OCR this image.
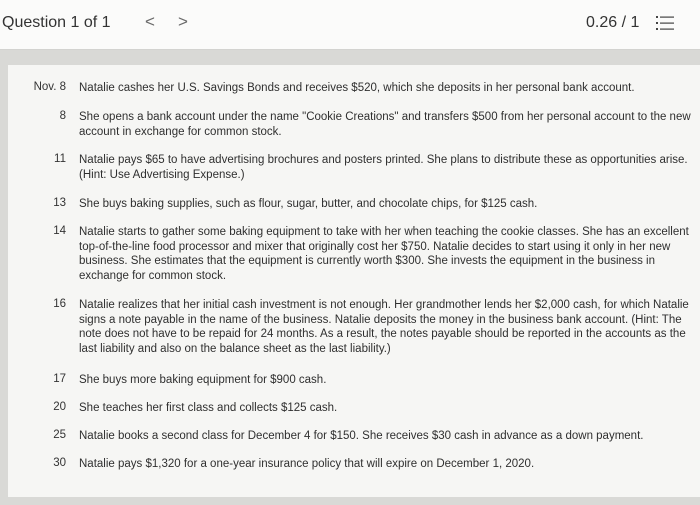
Question 1 of 1 < >	0.26 / 1
Nov. 8 Natalie cashes her U.S. Savings Bonds and receives $520, which she deposits in her personal bank account.
8 She opens a bank account under the name "Cookie Creations" and transfers $500 from her personal account to the new account in exchange for common stock.
11 Natalie pays $65 to have advertising brochures and posters printed. She plans to distribute these as opportunities arise. (Hint: Use Advertising Expense.)
13 She buys baking supplies, such as flour, sugar, butter, and chocolate chips, for $125 cash.
14 Natalie starts to gather some baking equipment to take with her when teaching the cookie classes. She has an excellent top-of-the-line food processor and mixer that originally cost her $750. Natalie decides to start using it only in her new business. She estimates that the equipment is currently worth $300. She invests the equipment in the business in exchange for common stock.
16 Natalie realizes that her initial cash investment is not enough. Her grandmother lends her $2,000 cash, for which Natalie signs a note payable in the name of the business. Natalie deposits the money in the business bank account. (Hint: The note does not have to be repaid for 24 months. As a result, the notes payable should be reported in the accounts as the last liability and also on the balance sheet as the last liability.)
17 She buys more baking equipment for $900 cash.
20 She teaches her first class and collects $125 cash.
25 Natalie books a second class for December 4 for $150. She receives $30 cash in advance as a down payment.
30 Natalie pays $1,320 for a one-year insurance policy that will expire on December 1, 2020.
